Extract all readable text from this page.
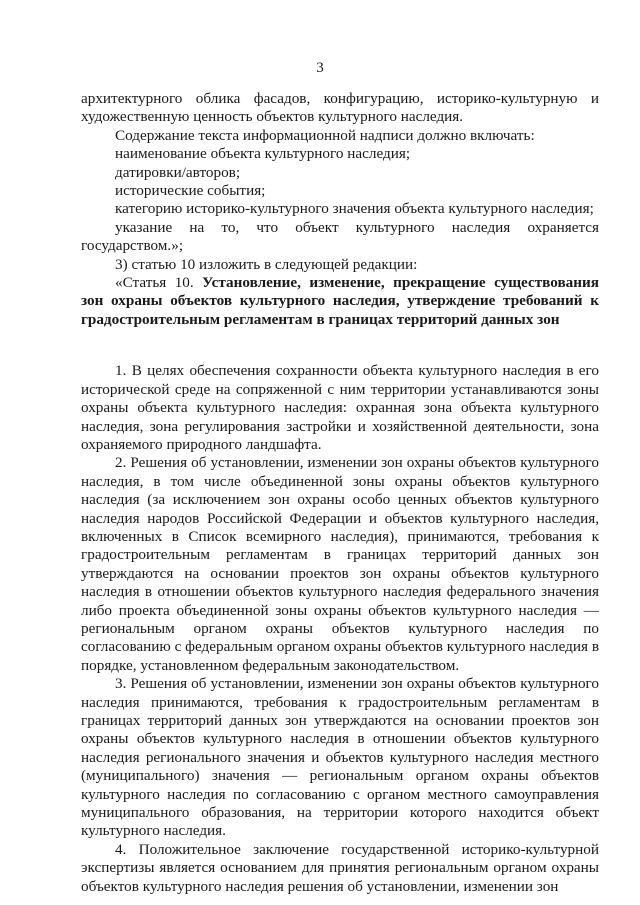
3

архитектурного облика фасадов, конфигурацию, историко-культурную и художественную ценность объектов культурного наследия.

Содержание текста информационной надписи должно включать:

наименование объекта культурного наследия;

датировки/авторов;

исторические события;

категорию историко-культурного значения объекта культурного наследия;

указание на то, что объект культурного наследия охраняется государством.»;

3) статью 10 изложить в следующей редакции:

«Статья 10. Установление, изменение, прекращение существования зон охраны объектов культурного наследия, утверждение требований к градостроительным регламентам в границах территорий данных зон

1. В целях обеспечения сохранности объекта культурного наследия в его исторической среде на сопряженной с ним территории устанавливаются зоны охраны объекта культурного наследия: охранная зона объекта культурного наследия, зона регулирования застройки и хозяйственной деятельности, зона охраняемого природного ландшафта.

2. Решения об установлении, изменении зон охраны объектов культурного наследия, в том числе объединенной зоны охраны объектов культурного наследия (за исключением зон охраны особо ценных объектов культурного наследия народов Российской Федерации и объектов культурного наследия, включенных в Список всемирного наследия), принимаются, требования к градостроительным регламентам в границах территорий данных зон утверждаются на основании проектов зон охраны объектов культурного наследия в отношении объектов культурного наследия федерального значения либо проекта объединенной зоны охраны объектов культурного наследия — региональным органом охраны объектов культурного наследия по согласованию с федеральным органом охраны объектов культурного наследия в порядке, установленном федеральным законодательством.

3. Решения об установлении, изменении зон охраны объектов культурного наследия принимаются, требования к градостроительным регламентам в границах территорий данных зон утверждаются на основании проектов зон охраны объектов культурного наследия в отношении объектов культурного наследия регионального значения и объектов культурного наследия местного (муниципального) значения — региональным органом охраны объектов культурного наследия по согласованию с органом местного самоуправления муниципального образования, на территории которого находится объект культурного наследия.

4. Положительное заключение государственной историко-культурной экспертизы является основанием для принятия региональным органом охраны объектов культурного наследия решения об установлении, изменении зон
